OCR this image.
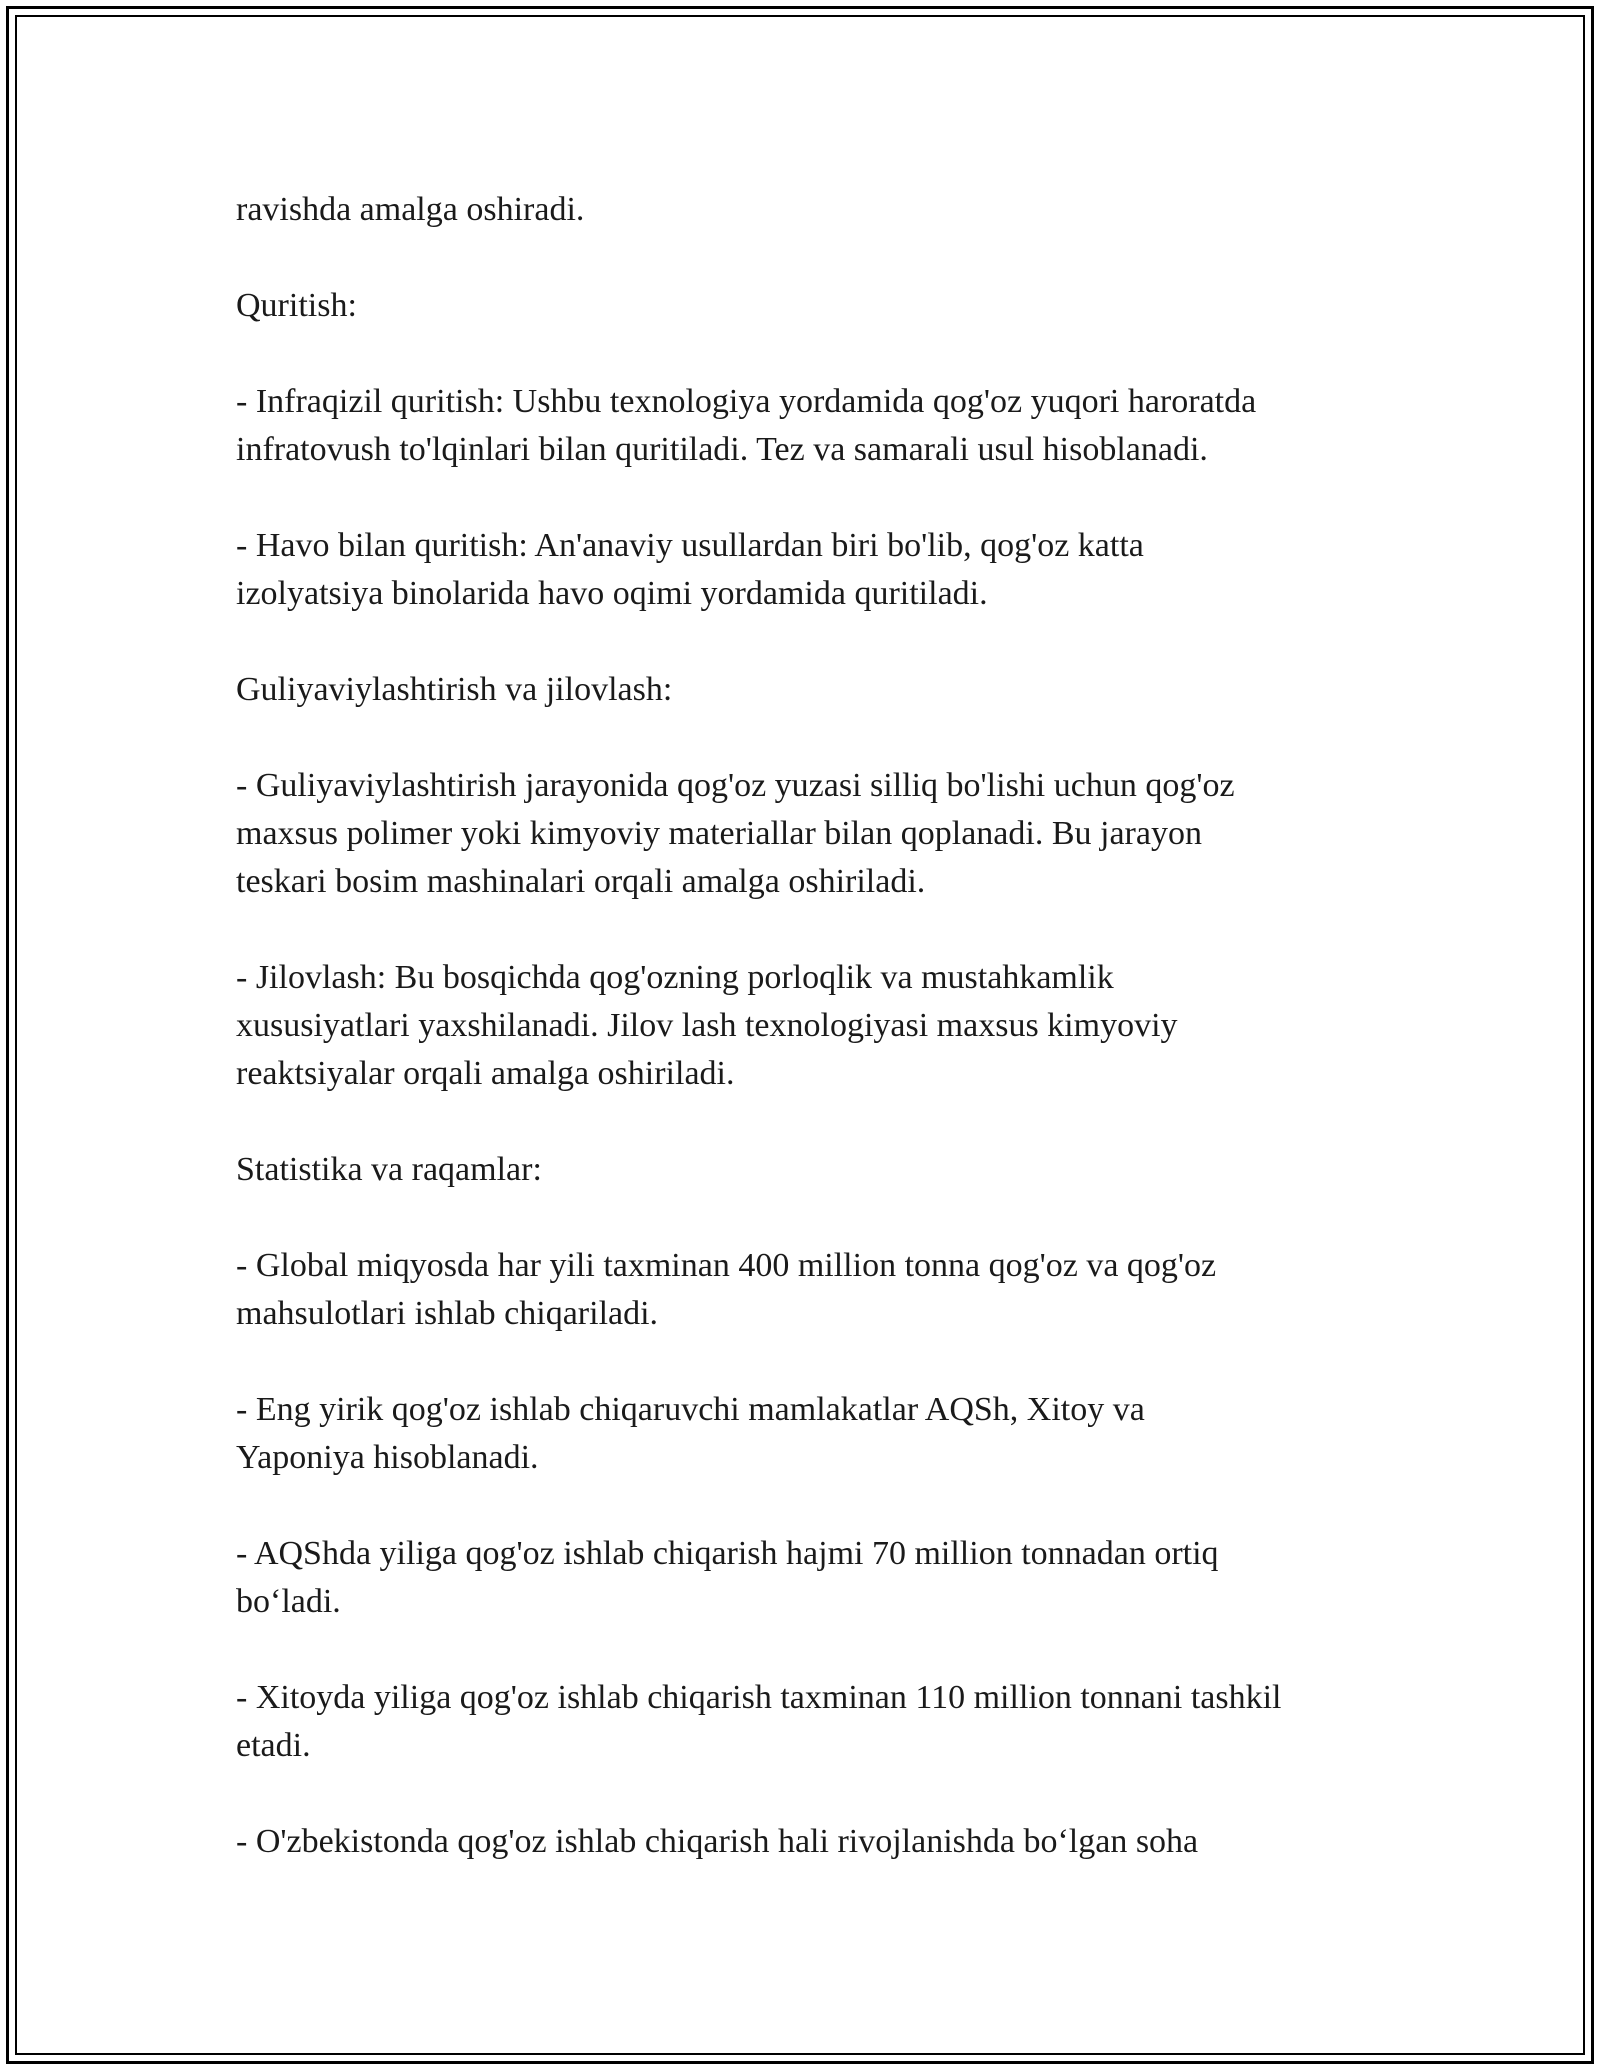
ravishda amalga oshiradi.

Quritish:

- Infraqizil quritish: Ushbu texnologiya yordamida qog'oz yuqori haroratda
infratovush to'lqinlari bilan quritiladi. Tez va samarali usul hisoblanadi.

- Havo bilan quritish: An'anaviy usullardan biri bo'lib, qog'oz katta
izolyatsiya binolarida havo oqimi yordamida quritiladi.

Guliyaviylashtirish va jilovlash:

- Guliyaviylashtirish jarayonida qog'oz yuzasi silliq bo'lishi uchun qog'oz
maxsus polimer yoki kimyoviy materiallar bilan qoplanadi. Bu jarayon
teskari bosim mashinalari orqali amalga oshiriladi.

- Jilovlash: Bu bosqichda qog'ozning porloqlik va mustahkamlik
xususiyatlari yaxshilanadi. Jilov lash texnologiyasi maxsus kimyoviy
reaktsiyalar orqali amalga oshiriladi.

Statistika va raqamlar:

- Global miqyosda har yili taxminan 400 million tonna qog'oz va qog'oz
mahsulotlari ishlab chiqariladi.

- Eng yirik qog'oz ishlab chiqaruvchi mamlakatlar AQSh, Xitoy va
Yaponiya hisoblanadi.

- AQShda yiliga qog'oz ishlab chiqarish hajmi 70 million tonnadan ortiq
bo‘ladi.

- Xitoyda yiliga qog'oz ishlab chiqarish taxminan 110 million tonnani tashkil
etadi.

- O'zbekistonda qog'oz ishlab chiqarish hali rivojlanishda bo‘lgan soha
